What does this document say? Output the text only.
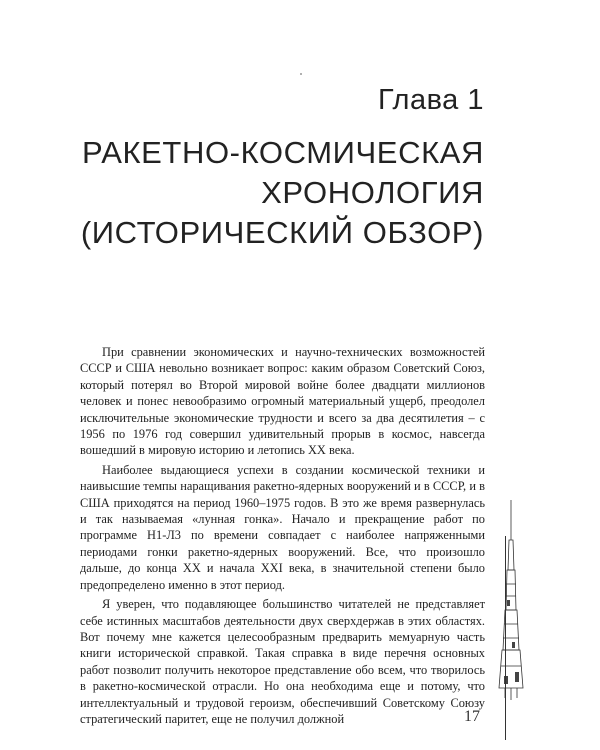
Глава 1
РАКЕТНО-КОСМИЧЕСКАЯ
ХРОНОЛОГИЯ
(ИСТОРИЧЕСКИЙ ОБЗОР)

При сравнении экономических и научно-технических возможностей СССР и США невольно возникает вопрос: каким образом Советский Союз, который потерял во Второй мировой войне более двадцати миллионов человек и понес невообразимо огромный материальный ущерб, преодолел исключительные экономические трудности и всего за два десятилетия – с 1956 по 1976 год совершил удивительный прорыв в космос, навсегда вошедший в мировую историю и летопись XX века.

Наиболее выдающиеся успехи в создании космической техники и наивысшие темпы наращивания ракетно-ядерных вооружений и в СССР, и в США приходятся на период 1960–1975 годов. В это же время развернулась и так называемая «лунная гонка». Начало и прекращение работ по программе Н1-Л3 по времени совпадает с наиболее напряженными периодами гонки ракетно-ядерных вооружений. Все, что произошло дальше, до конца XX и начала XXI века, в значительной степени было предопределено именно в этот период.

Я уверен, что подавляющее большинство читателей не представляет себе истинных масштабов деятельности двух сверхдержав в этих областях. Вот почему мне кажется целесообразным предварить мемуарную часть книги исторической справкой. Такая справка в виде перечня основных работ позволит получить некоторое представление обо всем, что творилось в ракетно-космической отрасли. Но она необходима еще и потому, что интеллектуальный и трудовой героизм, обеспечивший Советскому Союзу стратегический паритет, еще не получил должной	17
